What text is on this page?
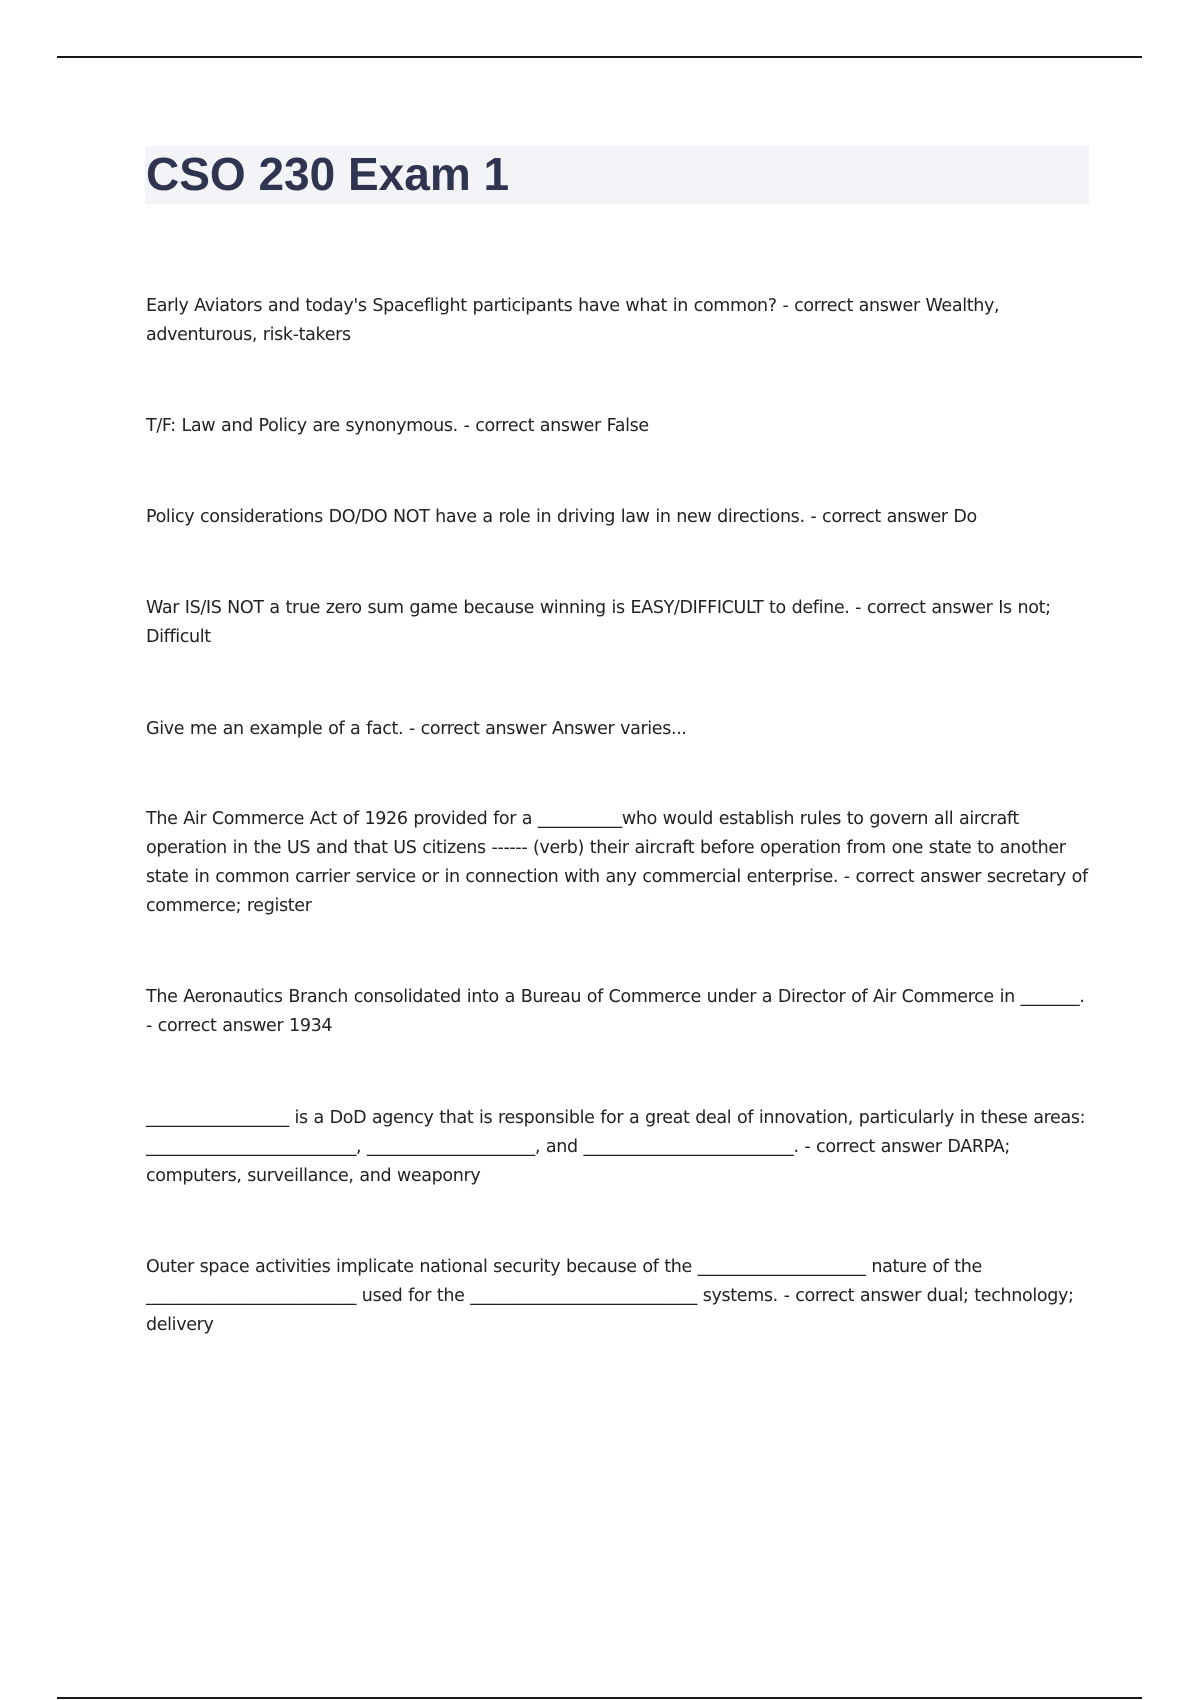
CSO 230 Exam 1

Early Aviators and today's Spaceflight participants have what in common? - correct answer Wealthy, adventurous, risk-takers

T/F: Law and Policy are synonymous. - correct answer False

Policy considerations DO/DO NOT have a role in driving law in new directions. - correct answer Do

War IS/IS NOT a true zero sum game because winning is EASY/DIFFICULT to define. - correct answer Is not; Difficult

Give me an example of a fact. - correct answer Answer varies...

The Air Commerce Act of 1926 provided for a __________who would establish rules to govern all aircraft operation in the US and that US citizens ------ (verb) their aircraft before operation from one state to another state in common carrier service or in connection with any commercial enterprise. - correct answer secretary of commerce; register

The Aeronautics Branch consolidated into a Bureau of Commerce under a Director of Air Commerce in _______. - correct answer 1934

_________________ is a DoD agency that is responsible for a great deal of innovation, particularly in these areas: _________________________, ____________________, and _________________________. - correct answer DARPA; computers, surveillance, and weaponry

Outer space activities implicate national security because of the ____________________ nature of the _________________________ used for the ___________________________ systems. - correct answer dual; technology; delivery
